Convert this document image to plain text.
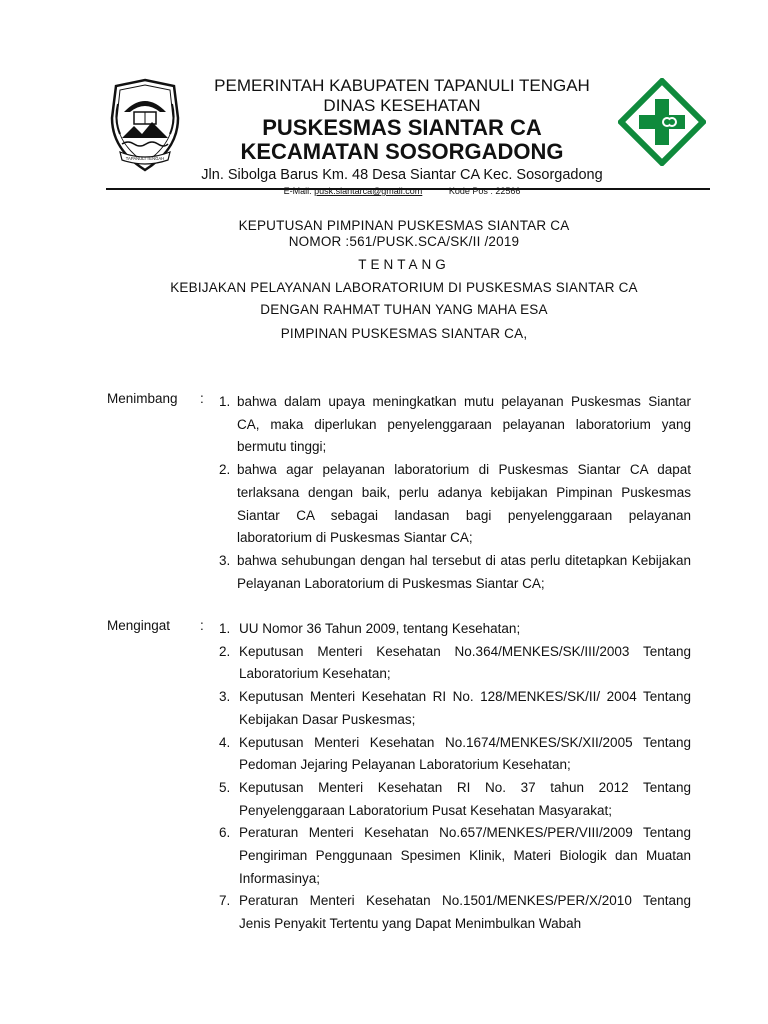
TAPANULI TENGAH
PEMERINTAH KABUPATEN TAPANULI TENGAH
DINAS KESEHATAN
PUSKESMAS SIANTAR CA
KECAMATAN SOSORGADONG
Jln. Sibolga Barus Km. 48 Desa Siantar CA Kec. Sosorgadong
E-Mail: pusk.siantarca@gmail.com	Kode Pos : 22566
KEPUTUSAN PIMPINAN PUSKESMAS SIANTAR CA
NOMOR :561/PUSK.SCA/SK/II /2019
TENTANG
KEBIJAKAN PELAYANAN LABORATORIUM DI PUSKESMAS SIANTAR CA
DENGAN RAHMAT TUHAN YANG MAHA ESA
PIMPINAN PUSKESMAS SIANTAR CA,
Menimbang : 1. bahwa dalam upaya meningkatkan mutu pelayanan Puskesmas Siantar CA, maka diperlukan penyelenggaraan pelayanan laboratorium yang bermutu tinggi;
2. bahwa agar pelayanan laboratorium di Puskesmas Siantar CA dapat terlaksana dengan baik, perlu adanya kebijakan Pimpinan Puskesmas Siantar CA sebagai landasan bagi penyelenggaraan pelayanan laboratorium di Puskesmas Siantar CA;
3. bahwa sehubungan dengan hal tersebut di atas perlu ditetapkan Kebijakan Pelayanan Laboratorium di Puskesmas Siantar CA;
Mengingat : 1. UU Nomor 36 Tahun 2009, tentang Kesehatan;
2. Keputusan Menteri Kesehatan No.364/MENKES/SK/III/2003 Tentang Laboratorium Kesehatan;
3. Keputusan Menteri Kesehatan RI No. 128/MENKES/SK/II/ 2004 Tentang Kebijakan Dasar Puskesmas;
4. Keputusan Menteri Kesehatan No.1674/MENKES/SK/XII/2005 Tentang Pedoman Jejaring Pelayanan Laboratorium Kesehatan;
5. Keputusan Menteri Kesehatan RI No. 37 tahun 2012 Tentang Penyelenggaraan Laboratorium Pusat Kesehatan Masyarakat;
6. Peraturan Menteri Kesehatan No.657/MENKES/PER/VIII/2009 Tentang Pengiriman Penggunaan Spesimen Klinik, Materi Biologik dan Muatan Informasinya;
7. Peraturan Menteri Kesehatan No.1501/MENKES/PER/X/2010 Tentang Jenis Penyakit Tertentu yang Dapat Menimbulkan Wabah
